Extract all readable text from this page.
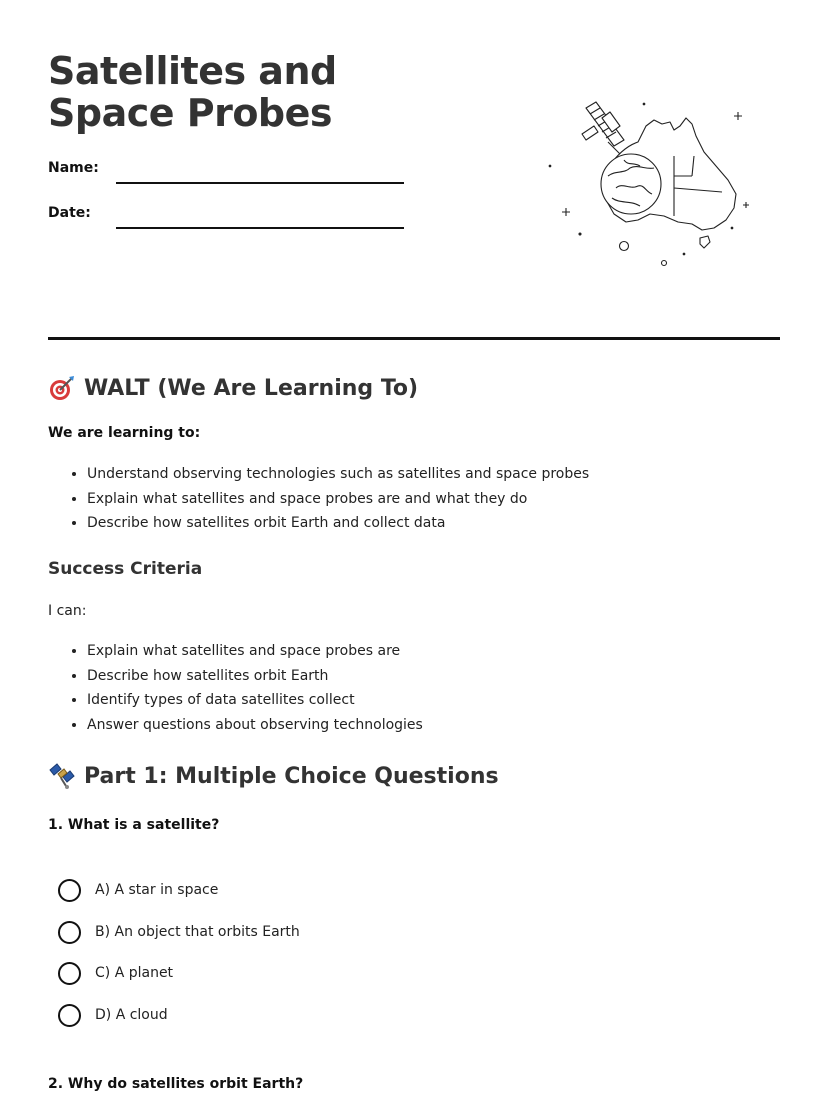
Satellites and Space Probes
Name:
Date:
WALT (We Are Learning To)
We are learning to:
• Understand observing technologies such as satellites and space probes
• Explain what satellites and space probes are and what they do
• Describe how satellites orbit Earth and collect data
Success Criteria
I can:
• Explain what satellites and space probes are
• Describe how satellites orbit Earth
• Identify types of data satellites collect
• Answer questions about observing technologies
Part 1: Multiple Choice Questions
1. What is a satellite?
A) A star in space
B) An object that orbits Earth
C) A planet
D) A cloud
2. Why do satellites orbit Earth?
